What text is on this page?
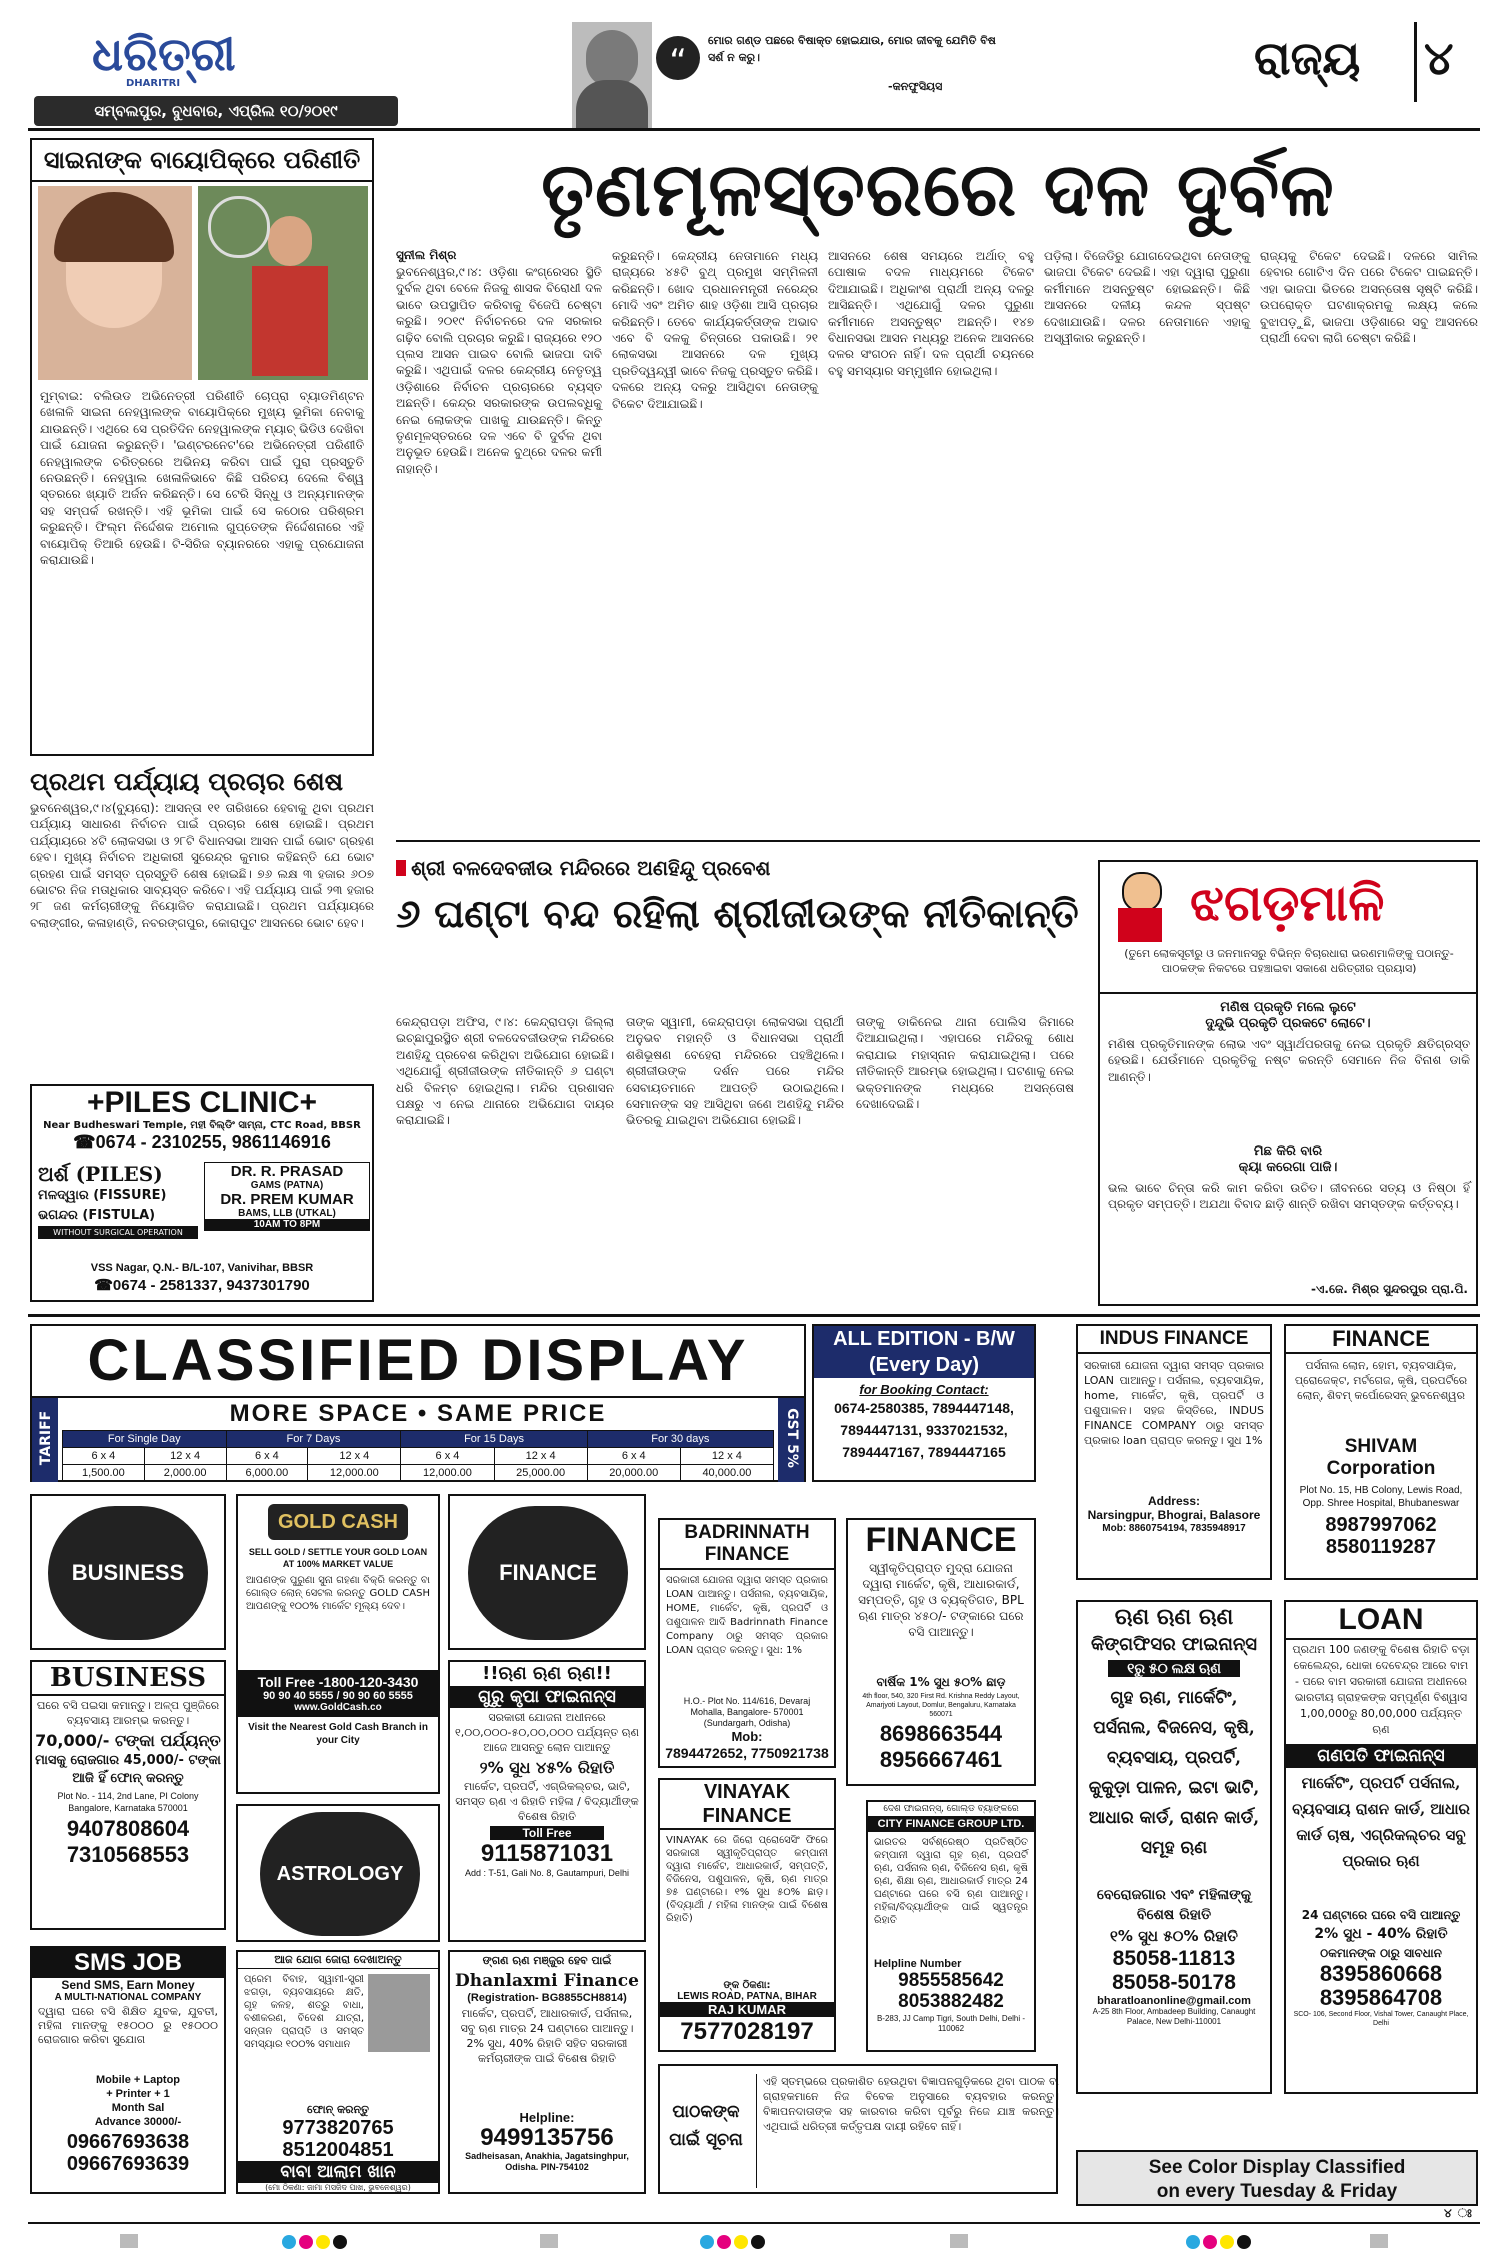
ଧରିତ୍ରୀ
DHARITRI
ସମ୍ବଲପୁର, ବୁଧବାର, ଏପ୍ରିଲ ୧୦/୨୦୧୯
“
ମୋର ଗଣ୍ଡ ପଛରେ ବିଷାକ୍ତ ହୋଇଯାଉ, ମୋର ଜୀବକୁ ଯେମିତି ବିଷ ସର୍ଶ ନ କରୁ।
-କନଫୁସିୟସ
ରାଜ୍ୟ ୪
ସାଇନାଙ୍କ ବାୟୋପିକ୍‌ରେ ପରିଣୀତି
ମୁମ୍ବାଇ: ବଲିଉଡ ଅଭିନେତ୍ରୀ ପରିଣୀତି ଚୋପ୍ରା ବ୍ୟାଡମିଣ୍ଟନ ଖେଳାଳି ସାଇନା ନେହୱାଲଙ୍କ ବାୟୋପିକ୍‌ରେ ମୁଖ୍ୟ ଭୂମିକା ନେବାକୁ ଯାଉଛନ୍ତି। ଏଥିରେ ସେ ପ୍ରତିଦିନ ନେହୱାଲଙ୍କ ମ୍ୟାଚ୍ ଭିଡିଓ ଦେଖିବା ପାଇଁ ଯୋଜନା କରୁଛନ୍ତି। 'ଇଣ୍ଟରନେଟ'ରେ ଅଭିନେତ୍ରୀ ପରିଣୀତି ନେହୱାଲଙ୍କ ଚରିତ୍ରରେ ଅଭିନୟ କରିବା ପାଇଁ ପୁରା ପ୍ରସ୍ତୁତି ନେଉଛନ୍ତି। ନେହୱାଲ ଖେଳାଳିଭାବେ କିଛି ପରିଚୟ ଦେଲେ ବିଶ୍ୱ ସ୍ତରରେ ଖ୍ୟାତି ଅର୍ଜନ କରିଛନ୍ତି। ସେ ଟେରି ସିନ୍ଧୁ ଓ ଅନ୍ୟମାନଙ୍କ ସହ ସମ୍ପର୍କ ରଖନ୍ତି। ଏହି ଭୂମିକା ପାଇଁ ସେ କଠୋର ପରିଶ୍ରମ କରୁଛନ୍ତି। ଫିଲ୍ମ ନିର୍ଦ୍ଦେଶକ ଅମୋଲ ଗୁପ୍ତେଙ୍କ ନିର୍ଦ୍ଦେଶନାରେ ଏହି ବାୟୋପିକ୍ ତିଆରି ହେଉଛି। ଟି-ସିରିଜ ବ୍ୟାନରରେ ଏହାକୁ ପ୍ରଯୋଜନା କରାଯାଉଛି।
ପ୍ରଥମ ପର୍ଯ୍ୟାୟ ପ୍ରଚାର ଶେଷ
ଭୁବନେଶ୍ୱର,୯।୪(ବ୍ୟୁରୋ): ଆସନ୍ତା ୧୧ ତାରିଖରେ ହେବାକୁ ଥିବା ପ୍ରଥମ ପର୍ଯ୍ୟାୟ ସାଧାରଣ ନିର୍ବାଚନ ପାଇଁ ପ୍ରଚାର ଶେଷ ହୋଇଛି। ପ୍ରଥମ ପର୍ଯ୍ୟାୟରେ ୪ଟି ଲୋକସଭା ଓ ୨୮ଟି ବିଧାନସଭା ଆସନ ପାଇଁ ଭୋଟ ଗ୍ରହଣ ହେବ। ମୁଖ୍ୟ ନିର୍ବାଚନ ଅଧିକାରୀ ସୁରେନ୍ଦ୍ର କୁମାର କହିଛନ୍ତି ଯେ ଭୋଟ ଗ୍ରହଣ ପାଇଁ ସମସ୍ତ ପ୍ରସ୍ତୁତି ଶେଷ ହୋଇଛି। ୭୬ ଲକ୍ଷ ୩ ହଜାର ୬୦୭ ଭୋଟର ନିଜ ମତାଧିକାର ସାବ୍ୟସ୍ତ କରିବେ। ଏହି ପର୍ଯ୍ୟାୟ ପାଇଁ ୨୩ ହଜାର ୨୮ ଜଣ କର୍ମଚାରୀଙ୍କୁ ନିୟୋଜିତ କରାଯାଇଛି। ପ୍ରଥମ ପର୍ଯ୍ୟାୟରେ ବଲାଙ୍ଗୀର, କଳାହାଣ୍ଡି, ନବରଙ୍ଗପୁର, କୋରାପୁଟ ଆସନରେ ଭୋଟ ହେବ।
+PILES CLINIC+
Near Budheswari Temple, ମହୀ ବିଲ୍ଡିଂ ସାମ୍ନା, CTC Road, BBSR
☎0674 - 2310255, 9861146916
ଅର୍ଶ (PILES)
ମଳଦ୍ୱାର (FISSURE)
ଭଗନ୍ଦର (FISTULA)
WITHOUT SURGICAL OPERATION
DR. R. PRASAD
GAMS (PATNA)
DR. PREM KUMAR
BAMS, LLB (UTKAL)
10AM TO 8PM
VSS Nagar, Q.N.- B/L-107, Vanivihar, BBSR
☎0674 - 2581337, 9437301790
ତୃଣମୂଳସ୍ତରରେ ଦଳ ଦୁର୍ବଳ
ସୁନୀଲ ମିଶ୍ର
ଭୁବନେଶ୍ୱର,୯।୪: ଓଡ଼ିଶା କଂଗ୍ରେସର ସ୍ଥିତି ଦୁର୍ବଳ ଥିବା ବେଳେ ନିଜକୁ ଶାସକ ବିରୋଧୀ ଦଳ ଭାବେ ଉପସ୍ଥାପିତ କରିବାକୁ ବିଜେପି ଚେଷ୍ଟା କରୁଛି। ୨୦୧୯ ନିର୍ବାଚନରେ ଦଳ ସରକାର ଗଢ଼ିବ ବୋଲି ପ୍ରଚାର କରୁଛି। ରାଜ୍ୟରେ ୧୨୦ ପ୍ଲସ ଆସନ ପାଇବ ବୋଲି ଭାଜପା ଦାବି କରୁଛି। ଏଥିପାଇଁ ଦଳର କେନ୍ଦ୍ରୀୟ ନେତୃତ୍ୱ ଓଡ଼ିଶାରେ ନିର୍ବାଚନ ପ୍ରଚାରରେ ବ୍ୟସ୍ତ ଅଛନ୍ତି। କେନ୍ଦ୍ର ସରକାରଙ୍କ ଉପଲବ୍ଧିକୁ ନେଇ ଲୋକଙ୍କ ପାଖକୁ ଯାଉଛନ୍ତି। କିନ୍ତୁ ତୃଣମୂଳସ୍ତରରେ ଦଳ ଏବେ ବି ଦୁର୍ବଳ ଥିବା ଅନୁଭୂତ ହେଉଛି। ଅନେକ ବୁଥ୍‌ରେ ଦଳର କର୍ମୀ ନାହାନ୍ତି।
କରୁଛନ୍ତି। କେନ୍ଦ୍ରୀୟ ନେତାମାନେ ମଧ୍ୟ ରାଜ୍ୟରେ ୪୫ଟି ବୁଥ୍ ପ୍ରମୁଖ ସମ୍ମିଳନୀ କରିଛନ୍ତି। ଖୋଦ ପ୍ରଧାନମନ୍ତ୍ରୀ ନରେନ୍ଦ୍ର ମୋଦି ଏବଂ ଅମିତ ଶାହ ଓଡ଼ିଶା ଆସି ପ୍ରଚାର କରିଛନ୍ତି। ତେବେ କାର୍ଯ୍ୟକର୍ତ୍ତାଙ୍କ ଅଭାବ ଏବେ ବି ଦଳକୁ ଚିନ୍ତାରେ ପକାଉଛି। ୨୧ ଲୋକସଭା ଆସନରେ ଦଳ ମୁଖ୍ୟ ପ୍ରତିଦ୍ୱନ୍ଦ୍ୱୀ ଭାବେ ନିଜକୁ ପ୍ରସ୍ତୁତ କରିଛି। ଦଳରେ ଅନ୍ୟ ଦଳରୁ ଆସିଥିବା ନେତାଙ୍କୁ ଟିକେଟ ଦିଆଯାଇଛି।
ଆସନରେ ଶେଷ ସମୟରେ ଅର୍ଥାତ୍ ବହୁ ପୋଷାକ ବଦଳ ମାଧ୍ୟମରେ ଟିକେଟ ଦିଆଯାଇଛି। ଅଧିକାଂଶ ପ୍ରାର୍ଥୀ ଅନ୍ୟ ଦଳରୁ ଆସିଛନ୍ତି। ଏଥିଯୋଗୁଁ ଦଳର ପୁରୁଣା କର୍ମୀମାନେ ଅସନ୍ତୁଷ୍ଟ ଅଛନ୍ତି। ୧୪୭ ବିଧାନସଭା ଆସନ ମଧ୍ୟରୁ ଅନେକ ଆସନରେ ଦଳର ସଂଗଠନ ନାହିଁ। ଦଳ ପ୍ରାର୍ଥୀ ଚୟନରେ ବହୁ ସମସ୍ୟାର ସମ୍ମୁଖୀନ ହୋଇଥିଲା।
ପଡ଼ିଲା। ବିଜେଡିରୁ ଯୋଗଦେଇଥିବା ନେତାଙ୍କୁ ଭାଜପା ଟିକେଟ ଦେଇଛି। ଏହା ଦ୍ୱାରା ପୁରୁଣା କର୍ମୀମାନେ ଅସନ୍ତୁଷ୍ଟ ହୋଇଛନ୍ତି। କିଛି ଆସନରେ ଦଳୀୟ କନ୍ଦଳ ସ୍ପଷ୍ଟ ଦେଖାଯାଉଛି। ଦଳର ନେତାମାନେ ଏହାକୁ ଅସ୍ୱୀକାର କରୁଛନ୍ତି।
ରାଜ୍ୟକୁ ଟିକେଟ ଦେଇଛି। ଦଳରେ ସାମିଲ ହେବାର ଗୋଟିଏ ଦିନ ପରେ ଟିକେଟ ପାଇଛନ୍ତି। ଏହା ଭାଜପା ଭିତରେ ଅସନ୍ତୋଷ ସୃଷ୍ଟି କରିଛି। ଉପରୋକ୍ତ ଘଟଣାକ୍ରମକୁ ଲକ୍ଷ୍ୟ କଲେ ବୁଝାପଡ଼ୁଛି, ଭାଜପା ଓଡ଼ିଶାରେ ସବୁ ଆସନରେ ପ୍ରାର୍ଥୀ ଦେବା ଲାଗି ଚେଷ୍ଟା କରିଛି।
ଶ୍ରୀ ବଳଦେବଜୀଉ ମନ୍ଦିରରେ ଅଣହିନ୍ଦୁ ପ୍ରବେଶ
୬ ଘଣ୍ଟା ବନ୍ଦ ରହିଲା ଶ୍ରୀଜୀଉଙ୍କ ନୀତିକାନ୍ତି
କେନ୍ଦ୍ରାପଡ଼ା ଅଫିସ, ୯।୪: କେନ୍ଦ୍ରାପଡ଼ା ଜିଲ୍ଲା ଇଚ୍ଛାପୁରସ୍ଥିତ ଶ୍ରୀ ବଳଦେବଜୀଉଙ୍କ ମନ୍ଦିରରେ ଅଣହିନ୍ଦୁ ପ୍ରବେଶ କରିଥିବା ଅଭିଯୋଗ ହୋଇଛି। ଏଥିଯୋଗୁଁ ଶ୍ରୀଜୀଉଙ୍କ ନୀତିକାନ୍ତି ୬ ଘଣ୍ଟା ଧରି ବିଳମ୍ବ ହୋଇଥିଲା। ମନ୍ଦିର ପ୍ରଶାସନ ପକ୍ଷରୁ ଏ ନେଇ ଥାନାରେ ଅଭିଯୋଗ ଦାୟର କରାଯାଇଛି।
ତାଙ୍କ ସ୍ୱାମୀ, କେନ୍ଦ୍ରାପଡ଼ା ଲୋକସଭା ପ୍ରାର୍ଥୀ ଅନୁଭବ ମହାନ୍ତି ଓ ବିଧାନସଭା ପ୍ରାର୍ଥୀ ଶଶିଭୂଷଣ ବେହେରା ମନ୍ଦିରରେ ପହଞ୍ଚିଥିଲେ। ଶ୍ରୀଜୀଉଙ୍କ ଦର୍ଶନ ପରେ ମନ୍ଦିର ସେବାୟତମାନେ ଆପତ୍ତି ଉଠାଇଥିଲେ। ସେମାନଙ୍କ ସହ ଆସିଥିବା ଜଣେ ଅଣହିନ୍ଦୁ ମନ୍ଦିର ଭିତରକୁ ଯାଇଥିବା ଅଭିଯୋଗ ହୋଇଛି।
ତାଙ୍କୁ ଡାକିନେଇ ଥାନା ପୋଲିସ ଜିମାରେ ଦିଆଯାଇଥିଲା। ଏହାପରେ ମନ୍ଦିରକୁ ଶୋଧ କରାଯାଇ ମହାସ୍ନାନ କରାଯାଇଥିଲା। ପରେ ନୀତିକାନ୍ତି ଆରମ୍ଭ ହୋଇଥିଲା। ଘଟଣାକୁ ନେଇ ଭକ୍ତମାନଙ୍କ ମଧ୍ୟରେ ଅସନ୍ତୋଷ ଦେଖାଦେଇଛି।
ଝଗଡ଼ମାଳି
(ତୁମେ ଲୋକସୂଚୀରୁ ଓ ଜନମାନସରୁ ବିଭିନ୍ନ ବିଚାରଧାରା ଭରଣମାଳିଙ୍କୁ ପଠାନ୍ତୁ-ପାଠକଙ୍କ ନିକଟରେ ପହଞ୍ଚାଇବା ସକାଶେ ଧରିତ୍ରୀର ପ୍ରୟାସ)
ମଣିଷ ପ୍ରକୃତି ମଲେ ଲୁଟେ
ଦୁନ୍ଦୁଭି ପ୍ରକୃତି ପ୍ରକଟେ ଲୋଟେ।
ମଣିଷ ପ୍ରକୃତିମାନଙ୍କ ଲୋଭ ଏବଂ ସ୍ୱାର୍ଥପରତାକୁ ନେଇ ପ୍ରକୃତି କ୍ଷତିଗ୍ରସ୍ତ ହେଉଛି। ଯେଉଁମାନେ ପ୍ରକୃତିକୁ ନଷ୍ଟ କରନ୍ତି ସେମାନେ ନିଜ ବିନାଶ ଡାକି ଆଣନ୍ତି।
ମିଛ କିରି ବାରି
କ୍ୟା କରେଗା ପାଜି।
ଭଲ ଭାବେ ଚିନ୍ତା କରି କାମ କରିବା ଉଚିତ। ଜୀବନରେ ସତ୍ୟ ଓ ନିଷ୍ଠା ହିଁ ପ୍ରକୃତ ସମ୍ପତ୍ତି। ଅଯଥା ବିବାଦ ଛାଡ଼ି ଶାନ୍ତି ରଖିବା ସମସ୍ତଙ୍କ କର୍ତ୍ତବ୍ୟ।
-ଏ.ଜେ. ମିଶ୍ର ସୁନ୍ଦରପୁର ପ୍ରା.ପି.
CLASSIFIED DISPLAY
TARIFF	GST 5%
MORE SPACE • SAME PRICE
For Single Day		For 7 Days		For 15 Days		For 30 days	
6 x 4	12 x 4	6 x 4	12 x 4	6 x 4	12 x 4	6 x 4	12 x 4
1,500.00	2,000.00	6,000.00	12,000.00	12,000.00	25,000.00	20,000.00	40,000.00
ALL EDITION - B/W
(Every Day)
for Booking Contact:
0674-2580385, 7894447148,
7894447131, 9337021532,
7894447167, 7894447165
BUSINESS
BUSINESS
ଘରେ ବସି ପଇସା କମାନ୍ତୁ। ଅଳ୍ପ ପୁଞ୍ଜିରେ ବ୍ୟବସାୟ ଆରମ୍ଭ କରନ୍ତୁ।
70,000/- ଟଙ୍କା ପର୍ଯ୍ୟନ୍ତ
ମାସକୁ ରୋଜଗାର 45,000/- ଟଙ୍କା
ଆଜି ହିଁ ଫୋନ୍ କରନ୍ତୁ
Plot No. - 114, 2nd Lane, PI Colony Bangalore, Karnataka 570001
9407808604 7310568553
SMS JOB
Send SMS, Earn Money
A MULTI-NATIONAL COMPANY
ଦ୍ୱାରା ଘରେ ବସି ଶିକ୍ଷିତ ଯୁବକ, ଯୁବତୀ, ମହିଳା ମାନଙ୍କୁ ୧୫୦୦୦ ରୁ ୧୫୦୦୦ ରୋଜଗାର କରିବା ସୁଯୋଗ
Mobile + Laptop + Printer + 1 Month Sal Advance 30000/-
09667693638 09667693639
GOLD CASH
SELL GOLD / SETTLE YOUR GOLD LOAN AT 100% MARKET VALUE
ଆପଣଙ୍କ ପୁରୁଣା ସୁନା ଗହଣା ବିକ୍ରି କରନ୍ତୁ ବା ଗୋଲ୍ଡ ଲୋନ୍ ସେଟଲ କରନ୍ତୁ GOLD CASH ଆପଣଙ୍କୁ ୧୦୦% ମାର୍କେଟ ମୂଲ୍ୟ ଦେବ।
Toll Free -1800-120-3430
90 90 40 5555 / 90 90 60 5555
www.GoldCash.co
Visit the Nearest Gold Cash Branch in your City
ASTROLOGY
ଆଜ ଯୋଗ ଜୋରା ଦେଖାଅନ୍ତୁ
ପ୍ରେମ ବିବାହ, ସ୍ୱାମୀ-ସ୍ତ୍ରୀ ଝଗଡ଼ା, ବ୍ୟବସାୟରେ କ୍ଷତି, ଗୃହ କଳହ, ଶତ୍ରୁ ବାଧା, ବଶୀକରଣ, ବିଦେଶ ଯାତ୍ରା, ସନ୍ତାନ ପ୍ରାପ୍ତି ଓ ସମସ୍ତ ସମସ୍ୟାର ୧୦୦% ସମାଧାନ
ଫୋନ୍ କରନ୍ତୁ
9773820765 8512004851
ବାବା ଆଲାମ ଖାନ
(ମୋ ଠିକଣା: ଜାମା ମସଜିଦ ପାଖ, ଭୁବନେଶ୍ୱର)
FINANCE
!!ଋଣ ଋଣ ଋଣ!!
ଗୁରୁ କୃପା ଫାଇନାନ୍ସ
ସରକାରୀ ଯୋଜନା ଅଧୀନରେ ୧,୦୦,୦୦୦-୫୦,୦୦,୦୦୦ ପର୍ଯ୍ୟନ୍ତ ଋଣ ଆଜେ ଆସନ୍ତୁ ଲୋନ ପାଆନ୍ତୁ
୨% ସୁଧ ୪୫% ରିହାତି
ମାର୍କେଟ, ପ୍ରପର୍ଟି, ଏଗ୍ରିକଲ୍ଚର, ଭାଟି, ସମସ୍ତ ଋଣ ଏ ରିହାତି ମହିଳା / ବିଦ୍ୟାର୍ଥୀଙ୍କ ବିଶେଷ ରିହାତି
Toll Free
9115871031
Add : T-51, Gali No. 8, Gautampuri, Delhi
ଙ୍ଗଣ ଋଣ ମଞ୍ଜୁର ହେବ ପାଇଁ
Dhanlaxmi Finance
(Registration- BG8855CH8814)
ମାର୍କେଟ, ପ୍ରପର୍ଟି, ଆଧାରକାର୍ଡ, ପର୍ସନାଲ, ସବୁ ଋଣ ମାତ୍ର 24 ଘଣ୍ଟାରେ ପାଆନ୍ତୁ। 2% ସୁଧ, 40% ରିହାତି ସହିତ ସରକାରୀ କର୍ମଚାରୀଙ୍କ ପାଇଁ ବିଶେଷ ରିହାତି
Helpline:
9499135756
Sadheisasan, Anakhia, Jagatsinghpur, Odisha. PIN-754102
BADRINNATH FINANCE
ସରକାରୀ ଯୋଜନା ଦ୍ୱାରା ସମସ୍ତ ପ୍ରକାର LOAN ପାଆନ୍ତୁ। ପର୍ସନାଲ, ବ୍ୟବସାୟିକ, HOME, ମାର୍କେଟ, କୃଷି, ପ୍ରପର୍ଟି ଓ ପଶୁପାଳନ ଆଦି Badrinnath Finance Company ଠାରୁ ସମସ୍ତ ପ୍ରକାର LOAN ପ୍ରାପ୍ତ କରନ୍ତୁ। ସୁଧ: 1%
H.O.- Plot No. 114/616, Devaraj Mohalla, Bangalore- 570001 (Sundargarh, Odisha)
Mob:
7894472652, 7750921738
VINAYAK FINANCE
VINAYAK ରେ ଜିରୋ ପ୍ରୋସେସିଂ ଫିରେ ସରକାରୀ ସ୍ୱୀକୃତିପ୍ରାପ୍ତ କମ୍ପାନୀ ଦ୍ୱାରା ମାର୍କେଟ, ଆଧାରକାର୍ଡ, ସମ୍ପତ୍ତି, ବିଜିନେସ, ପଶୁପାଳନ, କୃଷି, ଋଣ ମାତ୍ର ୭୫ ଘଣ୍ଟାରେ। ୧% ସୁଧ ୫୦% ଛାଡ଼। (ବିଦ୍ୟାର୍ଥୀ / ମହିଳା ମାନଙ୍କ ପାଇଁ ବିଶେଷ ରିହାତି)
ଙ୍କ ଠିକଣା:
LEWIS ROAD, PATNA, BIHAR
RAJ KUMAR
7577028197
ପାଠକଙ୍କ ପାଇଁ ସୂଚନା
ଏହି ସ୍ତମ୍ଭରେ ପ୍ରକାଶିତ ହେଉଥିବା ବିଜ୍ଞାପନଗୁଡ଼ିକରେ ଥିବା ପାଠକ ବା ଗ୍ରାହକମାନେ ନିଜ ବିବେକ ଅନୁସାରେ ବ୍ୟବହାର କରନ୍ତୁ। ବିଜ୍ଞାପନଦାତାଙ୍କ ସହ କାରବାର କରିବା ପୂର୍ବରୁ ନିଜେ ଯାଞ୍ଚ କରନ୍ତୁ। ଏଥିପାଇଁ ଧରିତ୍ରୀ କର୍ତ୍ତୃପକ୍ଷ ଦାୟୀ ରହିବେ ନାହିଁ।
FINANCE
ସ୍ୱୀକୃତିପ୍ରାପ୍ତ ମୁଦ୍ରା ଯୋଜନା ଦ୍ୱାରା ମାର୍କେଟ, କୃଷି, ଆଧାରକାର୍ଡ, ସମ୍ପତ୍ତି, ଗୃହ ଓ ବ୍ୟକ୍ତିଗତ, BPL ଋଣ ମାତ୍ର ୪୫୦/- ଟଙ୍କାରେ ଘରେ ବସି ପାଆନ୍ତୁ।
ବାର୍ଷିକ 1% ସୁଧ ୫୦% ଛାଡ଼
4th floor, 540, 320 First Rd. Krishna Reddy Layout, Amarjyoti Layout, Domlur, Bengaluru, Karnataka 560071
8698663544 8956667461
ଦେଶ ଫାଇନାନ୍ସ୍, ଗୋଲ୍ଡ ବ୍ୟାଙ୍କରେ
CITY FINANCE GROUP LTD.
ଭାରତର ସର୍ବଶ୍ରେଷ୍ଠ ପ୍ରତିଷ୍ଠିତ କମ୍ପାନୀ ଦ୍ୱାରା ଗୃହ ଋଣ, ପ୍ରପର୍ଟି ଋଣ, ପର୍ସନାଲ ଋଣ, ବିଜିନେସ ଋଣ, କୃଷି ଋଣ, ଶିକ୍ଷା ଋଣ, ଆଧାରକାର୍ଡ ମାତ୍ର 24 ଘଣ୍ଟାରେ ଘରେ ବସି ଋଣ ପାଆନ୍ତୁ। ମହିଳା/ବିଦ୍ୟାର୍ଥୀଙ୍କ ପାଇଁ ସ୍ୱତନ୍ତ୍ର ରିହାତି
Helpline Number
9855585642 8053882482
B-283, JJ Camp Tigri, South Delhi, Delhi - 110062
INDUS FINANCE
ସରକାରୀ ଯୋଜନା ଦ୍ୱାରା ସମସ୍ତ ପ୍ରକାର LOAN ପାଆନ୍ତୁ। ପର୍ସନାଲ, ବ୍ୟବସାୟିକ, home, ମାର୍କେଟ, କୃଷି, ପ୍ରପର୍ଟି ଓ ପଶୁପାଳନ। ସହଜ କିସ୍ତିରେ, INDUS FINANCE COMPANY ଠାରୁ ସମସ୍ତ ପ୍ରକାର loan ପ୍ରାପ୍ତ କରନ୍ତୁ। ସୁଧ 1%
Address:
Narsingpur, Bhograi, Balasore
Mob: 8860754194, 7835948917
ଋଣ ଋଣ ଋଣ
କିଙ୍ଗଫିସର ଫାଇନାନ୍ସ
୧ରୁ ୫୦ ଲକ୍ଷ ଋଣ
ଗୃହ ଋଣ, ମାର୍କେଟିଂ, ପର୍ସନାଲ, ବିଜନେସ, କୃଷି, ବ୍ୟବସାୟ, ପ୍ରପର୍ଟି, କୁକୁଡ଼ା ପାଳନ, ଇଟା ଭାଟି, ଆଧାର କାର୍ଡ, ରାଶନ କାର୍ଡ, ସମୂହ ଋଣ
ବେରୋଜଗାର ଏବଂ ମହିଳାଙ୍କୁ ବିଶେଷ ରିହାତି
୧% ସୁଧ ୫୦% ରିହାତି
85058-11813 85058-50178
bharatloanonline@gmail.com
A-25 8th Floor, Ambadeep Building, Canaught Palace, New Delhi-110001
FINANCE
ପର୍ସନାଲ ଲୋନ, ହୋମ, ବ୍ୟବସାୟିକ, ପ୍ରୋଜେକ୍ଟ, ମର୍ଟଗେଜ, କୃଷି, ପ୍ରପର୍ଟିରେ ଲୋନ୍, ଶିବମ୍ କର୍ପୋରେସନ୍ ଭୁବନେଶ୍ୱର
SHIVAM Corporation
Plot No. 15, HB Colony, Lewis Road, Opp. Shree Hospital, Bhubaneswar
8987997062 8580119287
LOAN
ପ୍ରଥମ 100 ଜଣଙ୍କୁ ବିଶେଷ ରିହାତି ବଡ଼ା କେଲେନ୍ଦ୍ର, ଧୋକା ଦେବେନ୍ଦ୍ର ଆରେ ବାମ - ପରେ ବାମ ସରକାରୀ ଯୋଜନା ଅଧୀନରେ ଭାରତୀୟ ଗ୍ରାହକଙ୍କ ସମ୍ପୂର୍ଣ୍ଣ ବିଶ୍ୱାସ 1,00,000ରୁ 80,00,000 ପର୍ଯ୍ୟନ୍ତ ଋଣ
ଗଣପତି ଫାଇନାନ୍ସ
ମାର୍କେଟିଂ, ପ୍ରପର୍ଟି ପର୍ସନାଲ, ବ୍ୟବସାୟ ରାଶନ କାର୍ଡ, ଆଧାର କାର୍ଡ ଚାଷ, ଏଗ୍ରିକଲ୍ଚର ସବୁ ପ୍ରକାର ଋଣ
24 ଘଣ୍ଟାରେ ଘରେ ବସି ପାଆନ୍ତୁ
2% ସୁଧ - 40% ରିହାତି
ଠକମାନଙ୍କ ଠାରୁ ସାବଧାନ
8395860668 8395864708
SCO- 106, Second Floor, Vishal Tower, Canaught Place, Delhi
See Color Display Classified
on every Tuesday & Friday
୪ ଃ
